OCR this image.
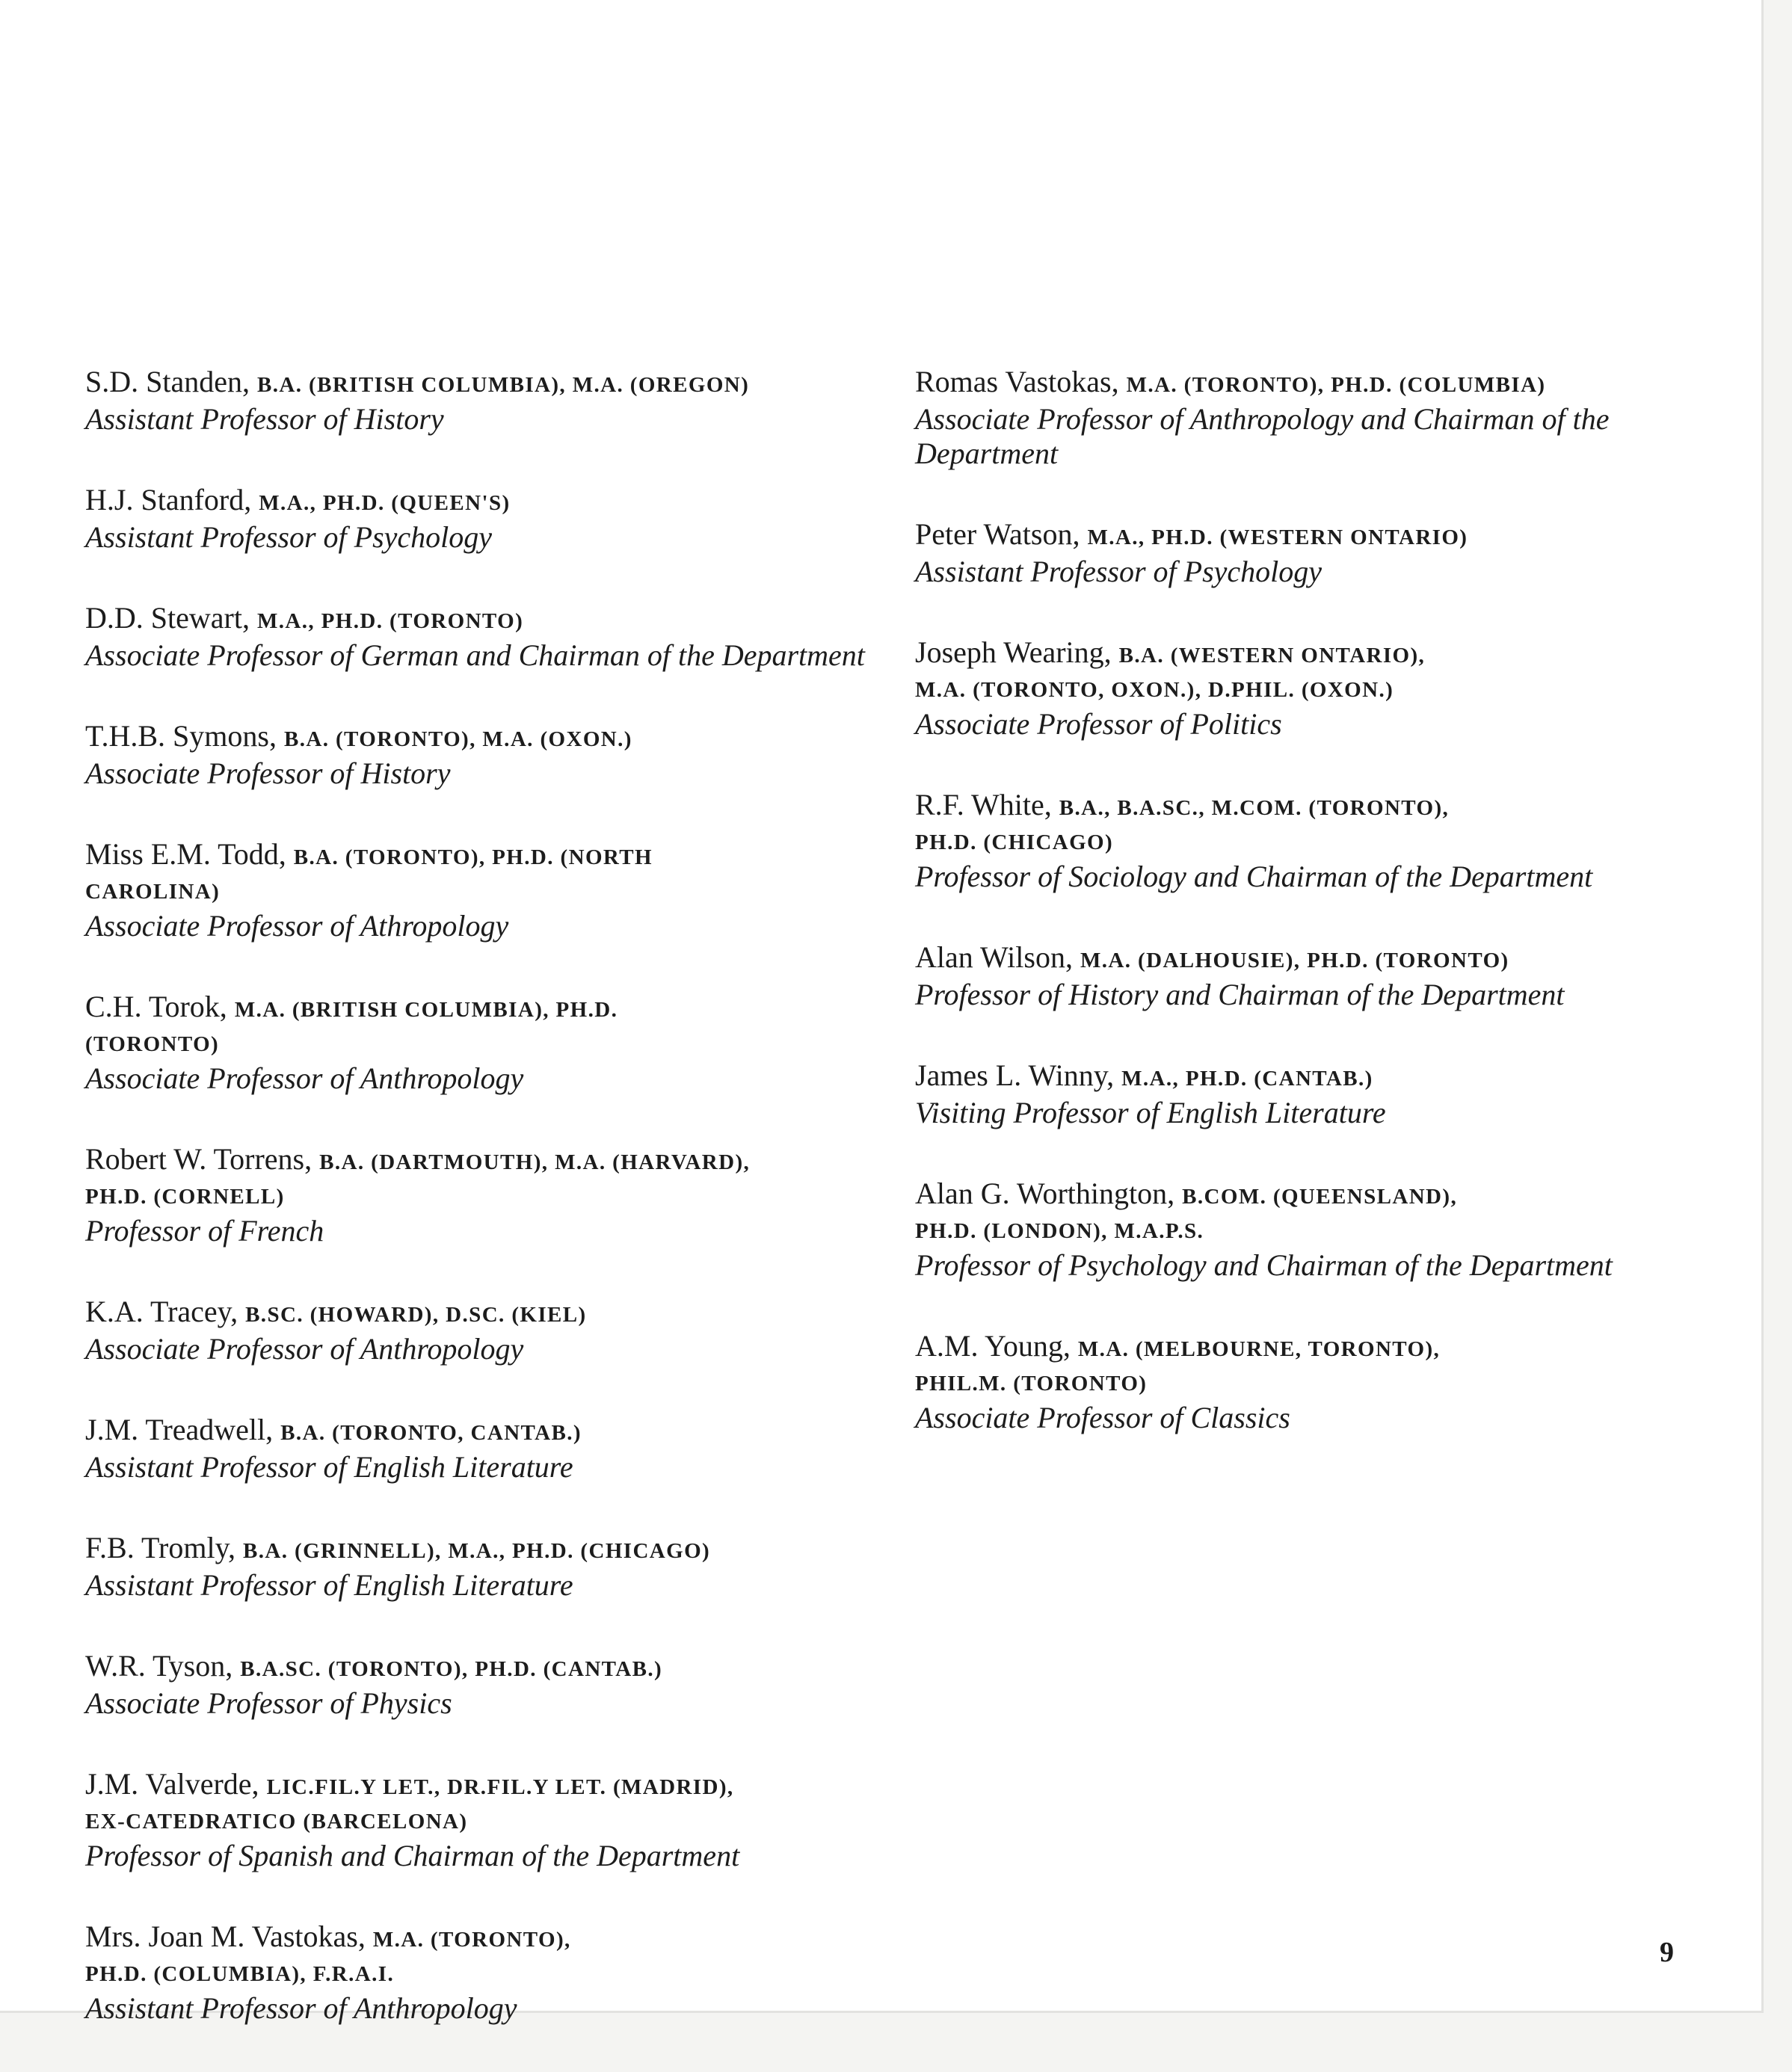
S.D. Standen, B.A. (BRITISH COLUMBIA), M.A. (OREGON)
Assistant Professor of History
H.J. Stanford, M.A., PH.D. (QUEEN'S)
Assistant Professor of Psychology
D.D. Stewart, M.A., PH.D. (TORONTO)
Associate Professor of German and Chairman of the Department
T.H.B. Symons, B.A. (TORONTO), M.A. (OXON.)
Associate Professor of History
Miss E.M. Todd, B.A. (TORONTO), PH.D. (NORTH
CAROLINA)
Associate Professor of Athropology
C.H. Torok, M.A. (BRITISH COLUMBIA), PH.D.
(TORONTO)
Associate Professor of Anthropology
Robert W. Torrens, B.A. (DARTMOUTH), M.A. (HARVARD),
PH.D. (CORNELL)
Professor of French
K.A. Tracey, B.SC. (HOWARD), D.SC. (KIEL)
Associate Professor of Anthropology
J.M. Treadwell, B.A. (TORONTO, CANTAB.)
Assistant Professor of English Literature
F.B. Tromly, B.A. (GRINNELL), M.A., PH.D. (CHICAGO)
Assistant Professor of English Literature
W.R. Tyson, B.A.SC. (TORONTO), PH.D. (CANTAB.)
Associate Professor of Physics
J.M. Valverde, LIC.FIL.Y LET., DR.FIL.Y LET. (MADRID),
EX-CATEDRATICO (BARCELONA)
Professor of Spanish and Chairman of the Department
Mrs. Joan M. Vastokas, M.A. (TORONTO),
PH.D. (COLUMBIA), F.R.A.I.
Assistant Professor of Anthropology
Romas Vastokas, M.A. (TORONTO), PH.D. (COLUMBIA)
Associate Professor of Anthropology and Chairman of the Department
Peter Watson, M.A., PH.D. (WESTERN ONTARIO)
Assistant Professor of Psychology
Joseph Wearing, B.A. (WESTERN ONTARIO),
M.A. (TORONTO, OXON.), D.PHIL. (OXON.)
Associate Professor of Politics
R.F. White, B.A., B.A.SC., M.COM. (TORONTO),
PH.D. (CHICAGO)
Professor of Sociology and Chairman of the Department
Alan Wilson, M.A. (DALHOUSIE), PH.D. (TORONTO)
Professor of History and Chairman of the Department
James L. Winny, M.A., PH.D. (CANTAB.)
Visiting Professor of English Literature
Alan G. Worthington, B.COM. (QUEENSLAND),
PH.D. (LONDON), M.A.P.S.
Professor of Psychology and Chairman of the Department
A.M. Young, M.A. (MELBOURNE, TORONTO),
PHIL.M. (TORONTO)
Associate Professor of Classics
9
